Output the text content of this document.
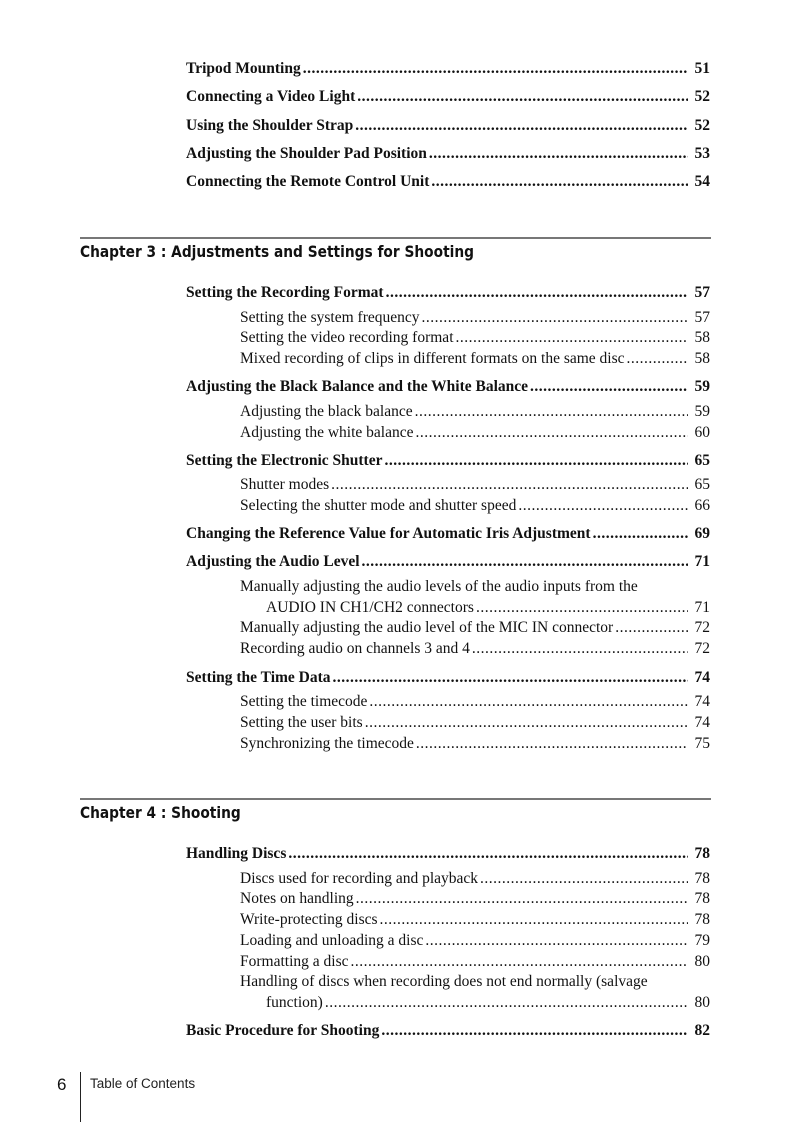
Tripod Mounting .....	51
Connecting a Video Light .....	52
Using the Shoulder Strap .....	52
Adjusting the Shoulder Pad Position .....	53
Connecting the Remote Control Unit .....	54
Chapter 3 : Adjustments and Settings for Shooting
Setting the Recording Format .....	57
Setting the system frequency .....	57
Setting the video recording format .....	58
Mixed recording of clips in different formats on the same disc .....	58
Adjusting the Black Balance and the White Balance .....	59
Adjusting the black balance .....	59
Adjusting the white balance .....	60
Setting the Electronic Shutter .....	65
Shutter modes .....	65
Selecting the shutter mode and shutter speed .....	66
Changing the Reference Value for Automatic Iris Adjustment .....	69
Adjusting the Audio Level .....	71
Manually adjusting the audio levels of the audio inputs from the
AUDIO IN CH1/CH2 connectors .....	71
Manually adjusting the audio level of the MIC IN connector .....	72
Recording audio on channels 3 and 4 .....	72
Setting the Time Data .....	74
Setting the timecode .....	74
Setting the user bits .....	74
Synchronizing the timecode .....	75
Chapter 4 : Shooting
Handling Discs .....	78
Discs used for recording and playback .....	78
Notes on handling .....	78
Write-protecting discs .....	78
Loading and unloading a disc .....	79
Formatting a disc .....	80
Handling of discs when recording does not end normally (salvage
function) .....	80
Basic Procedure for Shooting .....	82
6 Table of Contents
